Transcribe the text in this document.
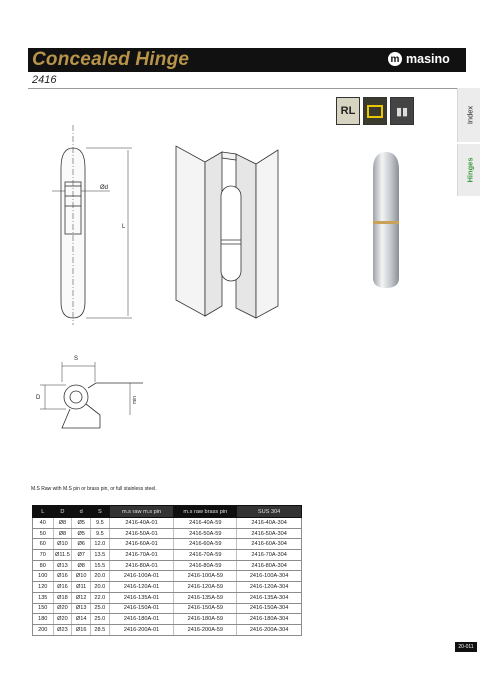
Concealed Hinge	m masino
2416
Index
Hinges
RL	▮▮
Ød
L
S
D	min
M.S Raw with M.S pin or brass pin, or full stainless steel.
L	D	d	S	m.s raw m.s pin	m.s raw brass pin	SUS 304
40	Ø8	Ø5	9.5	2416-40A-01	2416-40A-59	2416-40A-304
50	Ø8	Ø5	9.5	2416-50A-01	2416-50A-59	2416-50A-304
60	Ø10	Ø6	12.0	2416-60A-01	2416-60A-59	2416-60A-304
70	Ø11.5	Ø7	13.5	2416-70A-01	2416-70A-59	2416-70A-304
80	Ø13	Ø8	15.5	2416-80A-01	2416-80A-59	2416-80A-304
100	Ø16	Ø10	20.0	2416-100A-01	2416-100A-59	2416-100A-304
120	Ø16	Ø11	20.0	2416-120A-01	2416-120A-59	2416-120A-304
135	Ø18	Ø12	22.0	2416-135A-01	2416-135A-59	2416-135A-304
150	Ø20	Ø13	25.0	2416-150A-01	2416-150A-59	2416-150A-304
180	Ø20	Ø14	25.0	2416-180A-01	2416-180A-59	2416-180A-304
200	Ø23	Ø16	28.5	2416-200A-01	2416-200A-59	2416-200A-304
20-011
